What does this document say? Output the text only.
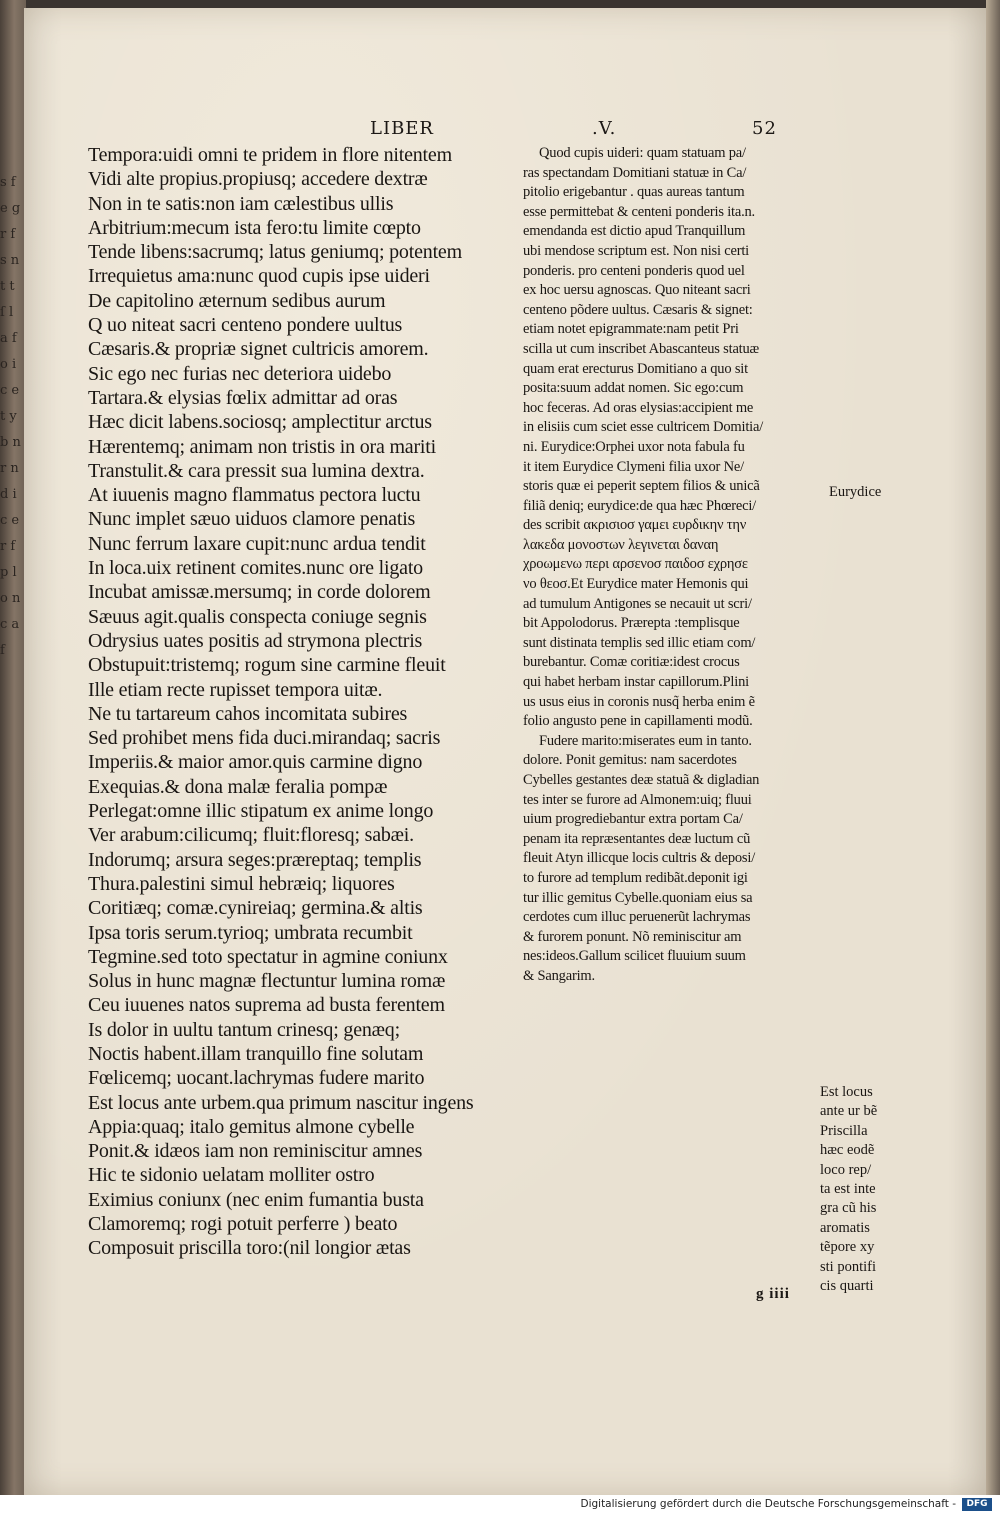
s f e g r f s n t t ſ l a f o i c e t y b n r n d i c e r f p l o n c a f
LIBER	.V.	52
Tempora:uidi omni te pridem in flore nitentem
Vidi alte propius.propiusq; accedere dextræ
Non in te satis:non iam cælestibus ullis
Arbitrium:mecum ista fero:tu limite cœpto
Tende libens:sacrumq; latus geniumq; potentem
Irrequietus ama:nunc quod cupis ipse uideri
De capitolino æternum sedibus aurum
Q uo niteat sacri centeno pondere uultus
Cæsaris.& propriæ signet cultricis amorem.
Sic ego nec furias nec deteriora uidebo
Tartara.& elysias fœlix admittar ad oras
Hæc dicit labens.sociosq; amplectitur arctus
Hærentemq; animam non tristis in ora mariti
Transtulit.& cara pressit sua lumina dextra.
At iuuenis magno flammatus pectora luctu
Nunc implet sæuo uiduos clamore penatis
Nunc ferrum laxare cupit:nunc ardua tendit
In loca.uix retinent comites.nunc ore ligato
Incubat amissæ.mersumq; in corde dolorem
Sæuus agit.qualis conspecta coniuge segnis
Odrysius uates positis ad strymona plectris
Obstupuit:tristemq; rogum sine carmine fleuit
Ille etiam recte rupisset tempora uitæ.
Ne tu tartareum cahos incomitata subires
Sed prohibet mens fida duci.mirandaq; sacris
Imperiis.& maior amor.quis carmine digno
Exequias.& dona malæ feralia pompæ
Perlegat:omne illic stipatum ex anime longo
Ver arabum:cilicumq; fluit:floresq; sabæi.
Indorumq; arsura seges:præreptaq; templis
Thura.palestini simul hebræiq; liquores
Coritiæq; comæ.cynireiaq; germina.& altis
Ipsa toris serum.tyrioq; umbrata recumbit
Tegmine.sed toto spectatur in agmine coniunx
Solus in hunc magnæ flectuntur lumina romæ
Ceu iuuenes natos suprema ad busta ferentem
Is dolor in uultu tantum crinesq; genæq;
Noctis habent.illam tranquillo fine solutam
Fœlicemq; uocant.lachrymas fudere marito
Est locus ante urbem.qua primum nascitur ingens
Appia:quaq; italo gemitus almone cybelle
Ponit.& idæos iam non reminiscitur amnes
Hic te sidonio uelatam molliter ostro
Eximius coniunx (nec enim fumantia busta
Clamoremq; rogi potuit perferre ) beato
Composuit priscilla toro:(nil longior ætas
Quod cupis uideri: quam statuam pa/
ras spectandam Domitiani statuæ in Ca/
pitolio erigebantur . quas aureas tantum
esse permittebat & centeni ponderis ita.n.
emendanda est dictio apud Tranquillum
ubi mendose scriptum est. Non nisi certi
ponderis. pro centeni ponderis quod uel
ex hoc uersu agnoscas. Quo niteant sacri
centeno põdere uultus. Cæsaris & signet:
etiam notet epigrammate:nam petit Pri
scilla ut cum inscribet Abascanteus statuæ
quam erat erecturus Domitiano a quo sit
posita:suum addat nomen. Sic ego:cum
hoc feceras. Ad oras elysias:accipient me
in elisiis cum sciet esse cultricem Domitia/
ni. Eurydice:Orphei uxor nota fabula fu
it item Eurydice Clymeni filia uxor Ne/
storis quæ ei peperit septem filios & unicã
filiã deniq; eurydice:de qua hæc Phœreci/
des scribit ακρισιοσ γαμει ευρδικην την
λακεδα μονοστων λεγινεται δαναη
χροωμενω περι αρσενοσ παιδοσ εχρησε
νο θεοσ.Et Eurydice mater Hemonis qui
ad tumulum Antigones se necauit ut scri/
bit Appolodorus. Prærepta :templisque
sunt distinata templis sed illic etiam com/
burebantur. Comæ coritiæ:idest crocus
qui habet herbam instar capillorum.Plini
us usus eius in coronis nusq̃ herba enim ẽ
folio angusto pene in capillamenti modũ.
Fudere marito:miserates eum in tanto.
dolore. Ponit gemitus: nam sacerdotes
Cybelles gestantes deæ statuã & digladian
tes inter se furore ad Almonem:uiq; fluui
uium progrediebantur extra portam Ca/
penam ita repræsentantes deæ luctum cũ
fleuit Atyn illicque locis cultris & deposi/
to furore ad templum redibãt.deponit igi
tur illic gemitus Cybelle.quoniam eius sa
cerdotes cum illuc peruenerũt lachrymas
& furorem ponunt. Nõ reminiscitur am
nes:ideos.Gallum scilicet fluuium suum
& Sangarim.
Eurydice
Est locus
ante ur bẽ
Priscilla
hæc eodẽ
loco rep/
ta est inte
gra cũ his
aromatis
tẽpore xy
sti pontifi
cis quarti
g iiii
Digitalisierung gefördert durch die Deutsche Forschungsgemeinschaft -	DFG
